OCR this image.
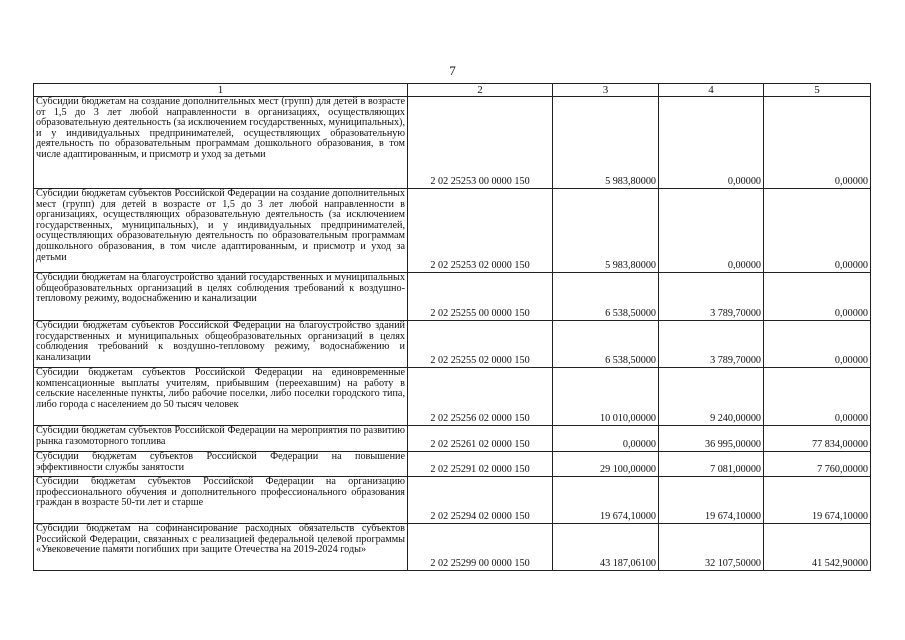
7
1	2	3	4	5
Субсидии бюджетам на создание дополнительных мест (групп) для детей в возрасте от 1,5 до 3 лет любой направленности в организациях, осуществляющих образовательную деятельность (за исключением государственных, муниципальных), и у индивидуальных предпринимателей, осуществляющих образовательную деятельность по образовательным программам дошкольного образования, в том числе адаптированным, и присмотр и уход за детьми	2 02 25253 00 0000 150	5 983,80000	0,00000	0,00000
Субсидии бюджетам субъектов Российской Федерации на создание дополнительных мест (групп) для детей в возрасте от 1,5 до 3 лет любой направленности в организациях, осуществляющих образовательную деятельность (за исключением государственных, муниципальных), и у индивидуальных предпринимателей, осуществляющих образовательную деятельность по образовательным программам дошкольного образования, в том числе адаптированным, и присмотр и уход за детьми	2 02 25253 02 0000 150	5 983,80000	0,00000	0,00000
Субсидии бюджетам на благоустройство зданий государственных и муниципальных общеобразовательных организаций в целях соблюдения требований к воздушно-тепловому режиму, водоснабжению и канализации	2 02 25255 00 0000 150	6 538,50000	3 789,70000	0,00000
Субсидии бюджетам субъектов Российской Федерации на благоустройство зданий государственных и муниципальных общеобразовательных организаций в целях соблюдения требований к воздушно-тепловому режиму, водоснабжению и канализации	2 02 25255 02 0000 150	6 538,50000	3 789,70000	0,00000
Субсидии бюджетам субъектов Российской Федерации на единовременные компенсационные выплаты учителям, прибывшим (переехавшим) на работу в сельские населенные пункты, либо рабочие поселки, либо поселки городского типа, либо города с населением до 50 тысяч человек	2 02 25256 02 0000 150	10 010,00000	9 240,00000	0,00000
Субсидии бюджетам субъектов Российской Федерации на мероприятия по развитию рынка газомоторного топлива	2 02 25261 02 0000 150	0,00000	36 995,00000	77 834,00000
Субсидии бюджетам субъектов Российской Федерации на повышение эффективности службы занятости	2 02 25291 02 0000 150	29 100,00000	7 081,00000	7 760,00000
Субсидии бюджетам субъектов Российской Федерации на организацию профессионального обучения и дополнительного профессионального образования граждан в возрасте 50-ти лет и старше	2 02 25294 02 0000 150	19 674,10000	19 674,10000	19 674,10000
Субсидии бюджетам на софинансирование расходных обязательств субъектов Российской Федерации, связанных с реализацией федеральной целевой программы «Увековечение памяти погибших при защите Отечества на 2019-2024 годы»	2 02 25299 00 0000 150	43 187,06100	32 107,50000	41 542,90000
